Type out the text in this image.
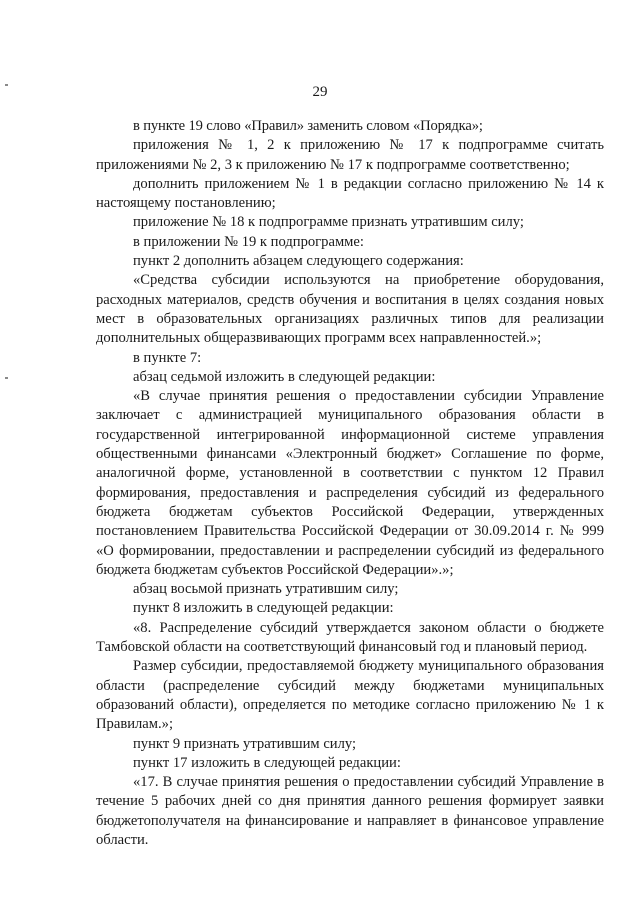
29

в пункте 19 слово «Правил» заменить словом «Порядка»;

приложения № 1, 2 к приложению № 17 к подпрограмме считать приложениями № 2, 3 к приложению № 17 к подпрограмме соответственно;

дополнить приложением № 1 в редакции согласно приложению № 14 к настоящему постановлению;

приложение № 18 к подпрограмме признать утратившим силу;

в приложении № 19 к подпрограмме:

пункт 2 дополнить абзацем следующего содержания:

«Средства субсидии используются на приобретение оборудования, расходных материалов, средств обучения и воспитания в целях создания новых мест в образовательных организациях различных типов для реализации дополнительных общеразвивающих программ всех направленностей.»;

в пункте 7:

абзац седьмой изложить в следующей редакции:

«В случае принятия решения о предоставлении субсидии Управление заключает с администрацией муниципального образования области в государственной интегрированной информационной системе управления общественными финансами «Электронный бюджет» Соглашение по форме, аналогичной форме, установленной в соответствии с пунктом 12 Правил формирования, предоставления и распределения субсидий из федерального бюджета бюджетам субъектов Российской Федерации, утвержденных постановлением Правительства Российской Федерации от 30.09.2014 г. № 999 «О формировании, предоставлении и распределении субсидий из федерального бюджета бюджетам субъектов Российской Федерации».»;

абзац восьмой признать утратившим силу;

пункт 8 изложить в следующей редакции:

«8. Распределение субсидий утверждается законом области о бюджете Тамбовской области на соответствующий финансовый год и плановый период.

Размер субсидии, предоставляемой бюджету муниципального образования области (распределение субсидий между бюджетами муниципальных образований области), определяется по методике согласно приложению № 1 к Правилам.»;

пункт 9 признать утратившим силу;

пункт 17 изложить в следующей редакции:

«17. В случае принятия решения о предоставлении субсидий Управление в течение 5 рабочих дней со дня принятия данного решения формирует заявки бюджетополучателя на финансирование и направляет в финансовое управление области.
